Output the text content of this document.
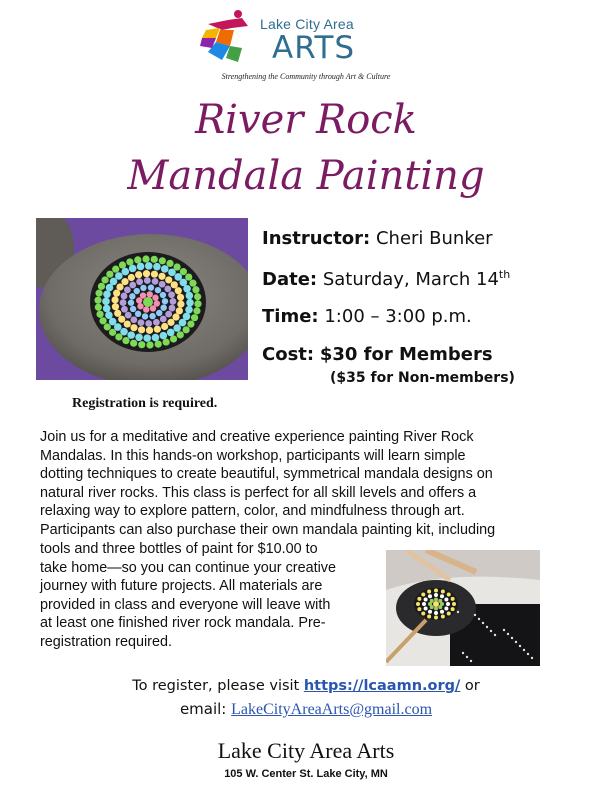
Lake City Area
ARTS
Strengthening the Community through Art & Culture
River Rock
Mandala Painting
Instructor: Cheri Bunker
Date: Saturday, March 14th
Time: 1:00 – 3:00 p.m.
Cost: $30 for Members
($35 for Non-members)
Registration is required.
Join us for a meditative and creative experience painting River Rock
Mandalas. In this hands-on workshop, participants will learn simple
dotting techniques to create beautiful, symmetrical mandala designs on
natural river rocks. This class is perfect for all skill levels and offers a
relaxing way to explore pattern, color, and mindfulness through art.
Participants can also purchase their own mandala painting kit, including
tools and three bottles of paint for $10.00 to
take home—so you can continue your creative
journey with future projects. All materials are
provided in class and everyone will leave with
at least one finished river rock mandala. Pre-
registration required.
To register, please visit https://lcaamn.org/ or
email: LakeCityAreaArts@gmail.com
Lake City Area Arts
105 W. Center St. Lake City, MN
